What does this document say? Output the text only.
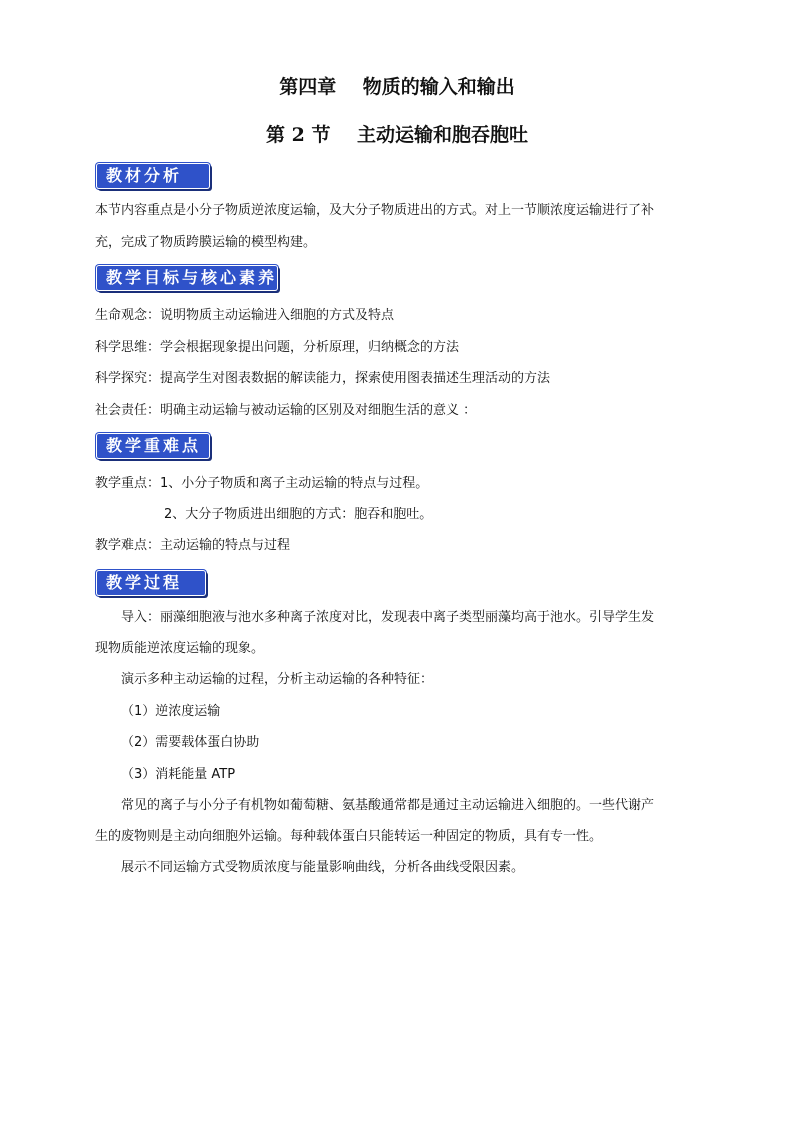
第四章    物质的输入和输出
第 2 节    主动运输和胞吞胞吐
教材分析
本节内容重点是小分子物质逆浓度运输，及大分子物质进出的方式。对上一节顺浓度运输进行了补
充，完成了物质跨膜运输的模型构建。
教学目标与核心素养
生命观念：说明物质主动运输进入细胞的方式及特点
科学思维：学会根据现象提出问题，分析原理，归纳概念的方法
科学探究：提高学生对图表数据的解读能力，探索使用图表描述生理活动的方法
社会责任：明确主动运输与被动运输的区别及对细胞生活的意义 ：
教学重难点
教学重点：1、小分子物质和离子主动运输的特点与过程。
2、大分子物质进出细胞的方式：胞吞和胞吐。
教学难点：主动运输的特点与过程
教学过程
导入：丽藻细胞液与池水多种离子浓度对比，发现表中离子类型丽藻均高于池水。引导学生发
现物质能逆浓度运输的现象。
演示多种主动运输的过程，分析主动运输的各种特征：
（1）逆浓度运输
（2）需要载体蛋白协助
（3）消耗能量 ATP
常见的离子与小分子有机物如葡萄糖、氨基酸通常都是通过主动运输进入细胞的。一些代谢产
生的废物则是主动向细胞外运输。每种载体蛋白只能转运一种固定的物质，具有专一性。
展示不同运输方式受物质浓度与能量影响曲线，分析各曲线受限因素。
